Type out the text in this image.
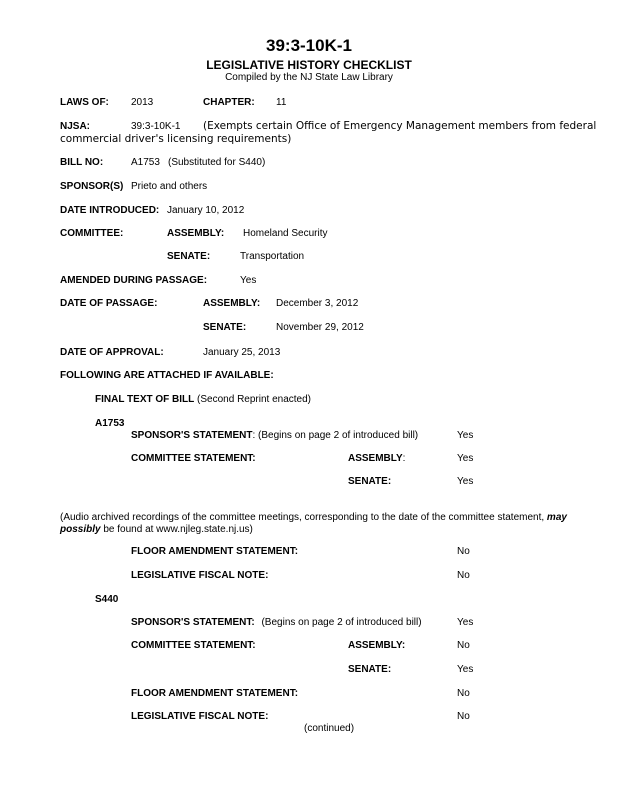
39:3-10K-1
LEGISLATIVE HISTORY CHECKLIST
Compiled by the NJ State Law Library
LAWS OF: 2013	CHAPTER: 11
NJSA:	39:3-10K-1 (Exempts certain Office of Emergency Management members from federal
commercial driver's licensing requirements)
BILL NO:	A1753 (Substituted for S440)
SPONSOR(S) Prieto and others
DATE INTRODUCED: January 10, 2012
COMMITTEE:	ASSEMBLY: Homeland Security
SENATE:	Transportation
AMENDED DURING PASSAGE:	Yes
DATE OF PASSAGE:	ASSEMBLY: December 3, 2012
SENATE:	November 29, 2012
DATE OF APPROVAL:	January 25, 2013
FOLLOWING ARE ATTACHED IF AVAILABLE:
FINAL TEXT OF BILL (Second Reprint enacted)
A1753
SPONSOR'S STATEMENT: (Begins on page 2 of introduced bill)	Yes
COMMITTEE STATEMENT:	ASSEMBLY:	Yes
SENATE:	Yes
(Audio archived recordings of the committee meetings, corresponding to the date of the committee statement, may possibly be found at www.njleg.state.nj.us)
FLOOR AMENDMENT STATEMENT:	No
LEGISLATIVE FISCAL NOTE:	No
S440
SPONSOR'S STATEMENT: (Begins on page 2 of introduced bill)	Yes
COMMITTEE STATEMENT:	ASSEMBLY:	No
SENATE:	Yes
FLOOR AMENDMENT STATEMENT:	No
LEGISLATIVE FISCAL NOTE:	No
(continued)
